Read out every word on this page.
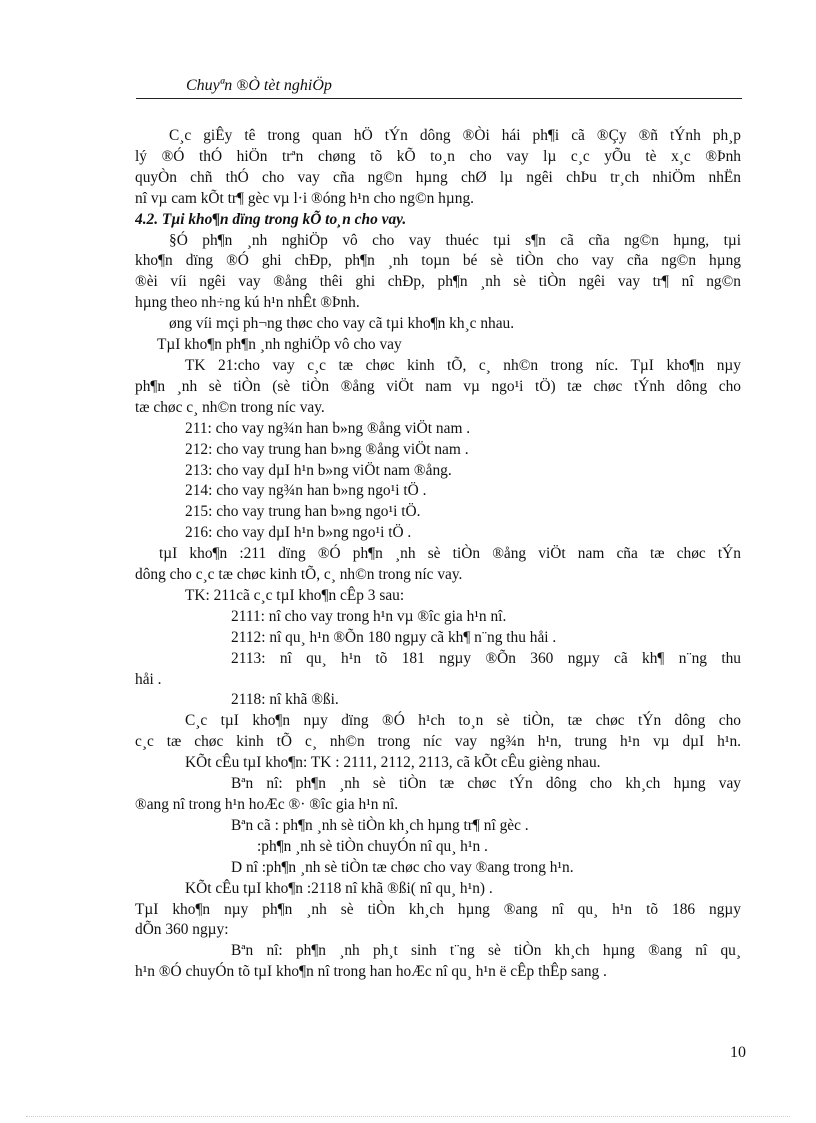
Chuyªn ®Ò tèt nghiÖp

C¸c giÊy tê trong quan hÖ tÝn dông ®Òi hái ph¶i cã ®Çy ®ñ tÝnh ph¸p

lý ®Ó thÓ hiÖn trªn chøng tõ kÕ to¸n cho vay lµ c¸c yÕu tè x¸c ®Þnh

quyÒn chñ thÓ cho vay cña ng©n hµng chØ lµ ngêi chÞu tr¸ch nhiÖm nhËn

nî vµ cam kÕt tr¶ gèc vµ l·i ®óng h¹n cho ng©n hµng.

4.2. Tµi kho¶n dïng trong kÕ to¸n cho vay.

§Ó ph¶n ¸nh nghiÖp vô cho vay thuéc tµi s¶n cã cña ng©n hµng, tµi

kho¶n dïng ®Ó ghi chÐp, ph¶n ¸nh toµn bé sè tiÒn cho vay cña ng©n hµng

®èi víi ngêi vay ®ång thêi ghi chÐp, ph¶n ¸nh sè tiÒn ngêi vay tr¶ nî ng©n

hµng theo nh÷ng kú h¹n nhÊt ®Þnh.

øng víi mçi ph¬ng thøc cho vay cã tµi kho¶n kh¸c nhau.

TµI kho¶n ph¶n ¸nh nghiÖp vô cho vay

TK 21:cho vay c¸c tæ chøc kinh tÕ, c¸ nh©n trong níc. TµI kho¶n nµy

ph¶n ¸nh sè tiÒn (sè tiÒn ®ång viÖt nam vµ ngo¹i tÖ) tæ chøc tÝnh dông cho

tæ chøc c¸ nh©n trong níc vay.

211: cho vay ng¾n han b»ng ®ång viÖt nam .

212: cho vay trung han b»ng ®ång viÖt nam .

213: cho vay dµI h¹n b»ng viÖt nam ®ång.

214: cho vay ng¾n han b»ng ngo¹i tÖ .

215: cho vay trung han b»ng ngo¹i tÖ.

216: cho vay dµI h¹n b»ng ngo¹i tÖ .

tµI kho¶n :211 dïng ®Ó ph¶n ¸nh sè tiÒn ®ång viÖt nam cña tæ chøc tÝn

dông cho c¸c tæ chøc kinh tÕ, c¸ nh©n trong níc vay.

TK: 211cã c¸c tµI kho¶n cÊp 3 sau:

2111: nî cho vay trong h¹n vµ ®îc gia h¹n nî.

2112: nî qu¸ h¹n ®Õn 180 ngµy cã kh¶ n¨ng thu håi .

2113: nî qu¸ h¹n tõ 181 ngµy ®Õn 360 ngµy cã kh¶ n¨ng thu

håi .

2118: nî khã ®ßi.

C¸c tµI kho¶n nµy dïng ®Ó h¹ch to¸n sè tiÒn, tæ chøc tÝn dông cho

c¸c tæ chøc kinh tÕ c¸ nh©n trong níc vay ng¾n h¹n, trung h¹n vµ dµI h¹n.

KÕt cÊu tµI kho¶n: TK : 2111, 2112, 2113, cã kÕt cÊu gièng nhau.

Bªn nî: ph¶n ¸nh sè tiÒn tæ chøc tÝn dông cho kh¸ch hµng vay

®ang nî trong h¹n hoÆc ®· ®îc gia h¹n nî.

Bªn cã : ph¶n ¸nh sè tiÒn kh¸ch hµng tr¶ nî gèc .

:ph¶n ¸nh sè tiÒn chuyÓn nî qu¸ h¹n .

D nî :ph¶n ¸nh sè tiÒn tæ chøc cho vay ®ang trong h¹n.

KÕt cÊu tµI kho¶n :2118 nî khã ®ßi( nî qu¸ h¹n) .

TµI kho¶n nµy ph¶n ¸nh sè tiÒn kh¸ch hµng ®ang nî qu¸ h¹n tõ 186 ngµy

dÕn 360 ngµy:

Bªn nî: ph¶n ¸nh ph¸t sinh t¨ng sè tiÒn kh¸ch hµng ®ang nî qu¸

h¹n ®Ó chuyÓn tõ tµI kho¶n nî trong han hoÆc nî qu¸ h¹n ë cÊp thÊp sang .

10
